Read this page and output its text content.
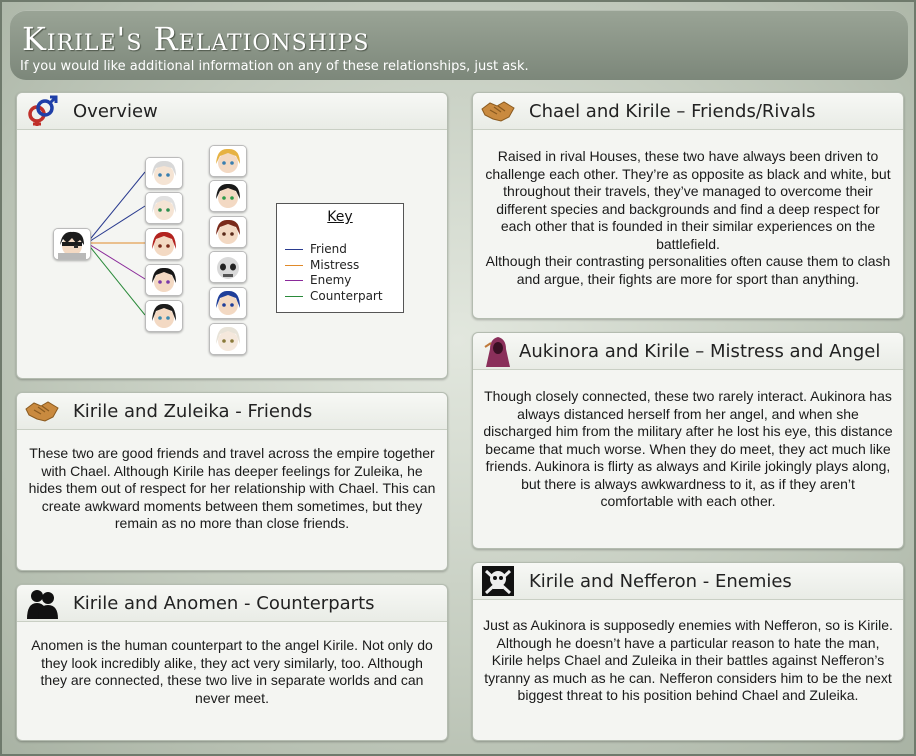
Kirile's Relationships
If you would like additional information on any of these relationships, just ask.
Overview
Key
Friend
Mistress
Enemy
Counterpart
Kirile and Zuleika - Friends

These two are good friends and travel across the empire together with Chael. Although Kirile has deeper feelings for Zuleika, he hides them out of respect for her relationship with Chael. This can create awkward moments between them sometimes, but they remain as no more than close friends.

Kirile and Anomen - Counterparts

Anomen is the human counterpart to the angel Kirile. Not only do they look incredibly alike, they act very similarly, too. Although they are connected, these two live in separate worlds and can never meet.

Chael and Kirile – Friends/Rivals

Raised in rival Houses, these two have always been driven to challenge each other. They’re as opposite as black and white, but throughout their travels, they’ve managed to overcome their different species and backgrounds and find a deep respect for each other that is founded in their similar experiences on the battlefield.

Although their contrasting personalities often cause them to clash and argue, their fights are more for sport than anything.

Aukinora and Kirile – Mistress and Angel

Though closely connected, these two rarely interact. Aukinora has always distanced herself from her angel, and when she discharged him from the military after he lost his eye, this distance became that much worse. When they do meet, they act much like friends. Aukinora is flirty as always and Kirile jokingly plays along, but there is always awkwardness to it, as if they aren’t comfortable with each other.

Kirile and Nefferon - Enemies

Just as Aukinora is supposedly enemies with Nefferon, so is Kirile. Although he doesn’t have a particular reason to hate the man, Kirile helps Chael and Zuleika in their battles against Nefferon’s tyranny as much as he can. Nefferon considers him to be the next biggest threat to his position behind Chael and Zuleika.
